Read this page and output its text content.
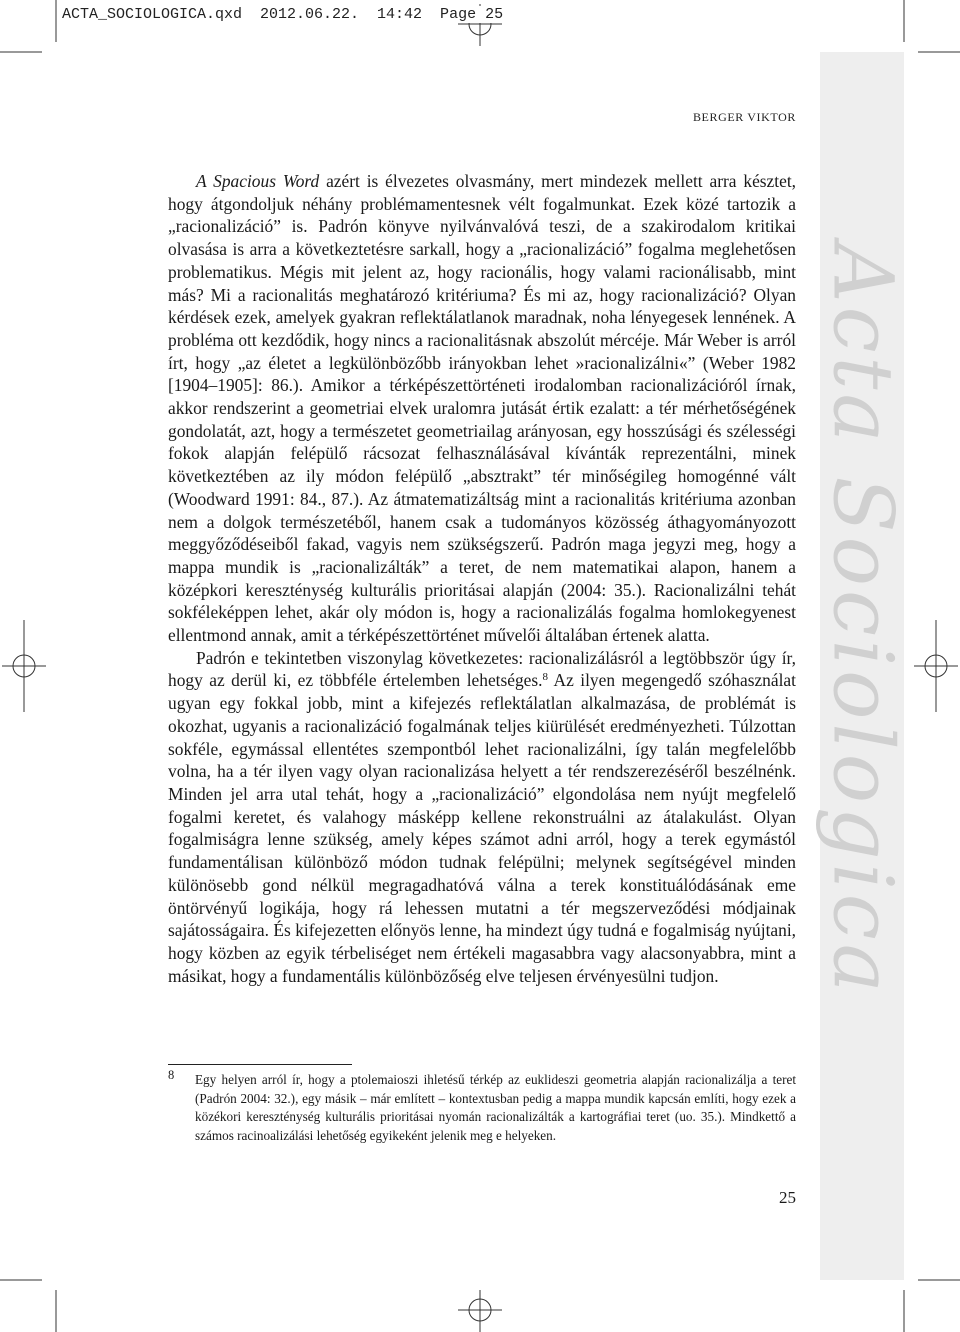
ACTA_SOCIOLOGICA.qxd  2012.06.22.  14:42  Page 25
Acta Sociologica
BERGER VIKTOR

A Spacious Word azért is élvezetes olvasmány, mert mindezek mellett arra késztet, hogy átgondoljuk néhány problémamentesnek vélt fogalmunkat. Ezek közé tartozik a „racionalizáció” is. Padrón könyve nyilvánvalóvá teszi, de a szakirodalom kritikai olvasása is arra a következtetésre sarkall, hogy a „racionalizáció” fogalma meglehetősen problematikus. Mégis mit jelent az, hogy racionális, hogy valami racionálisabb, mint más? Mi a racionalitás meghatározó kritériuma? És mi az, hogy racionalizáció? Olyan kérdések ezek, amelyek gyakran reflektálatlanok maradnak, noha lényegesek lennének. A probléma ott kezdődik, hogy nincs a racionalitásnak abszolút mércéje. Már Weber is arról írt, hogy „az életet a legkülönbözőbb irányokban lehet »racionalizálni«” (Weber 1982 [1904–1905]: 86.). Amikor a térképészettörténeti irodalomban racionalizációról írnak, akkor rendszerint a geometriai elvek uralomra jutását értik ezalatt: a tér mérhetőségének gondolatát, azt, hogy a természetet geometriailag arányosan, egy hosszúsági és szélességi fokok alapján felépülő rácsozat felhasználásával kívánták reprezentálni, minek következtében az ily módon felépülő „absztrakt” tér minőségileg homogénné vált (Woodward 1991: 84., 87.). Az átmatematizáltság mint a racionalitás kritériuma azonban nem a dolgok természetéből, hanem csak a tudományos közösség áthagyományozott meggyőződéseiből fakad, vagyis nem szükségszerű. Padrón maga jegyzi meg, hogy a mappa mundik is „racionalizálták” a teret, de nem matematikai alapon, hanem a középkori kereszténység kulturális prioritásai alapján (2004: 35.). Racionalizálni tehát sokféleképpen lehet, akár oly módon is, hogy a racionalizálás fogalma homlokegyenest ellentmond annak, amit a térképészettörténet művelői általában értenek alatta.

Padrón e tekintetben viszonylag következetes: racionalizálásról a legtöbbször úgy ír, hogy az derül ki, ez többféle értelemben lehetséges.$^8$ Az ilyen megengedő szóhasználat ugyan egy fokkal jobb, mint a kifejezés reflektálatlan alkalmazása, de problémát is okozhat, ugyanis a racionalizáció fogalmának teljes kiürülését eredményezheti. Túlzottan sokféle, egymással ellentétes szempontból lehet racionalizálni, így talán megfelelőbb volna, ha a tér ilyen vagy olyan racionalizása helyett a tér rendszerezéséről beszélnénk. Minden jel arra utal tehát, hogy a „racionalizáció” elgondolása nem nyújt megfelelő fogalmi keretet, és valahogy másképp kellene rekonstruálni az átalakulást. Olyan fogalmiságra lenne szükség, amely képes számot adni arról, hogy a terek egymástól fundamentálisan különböző módon tudnak felépülni; melynek segítségével minden különösebb gond nélkül megragadhatóvá válna a terek konstituálódásának eme öntörvényű logikája, hogy rá lehessen mutatni a tér megszerveződési módjainak sajátosságaira. És kifejezetten előnyös lenne, ha mindezt úgy tudná e fogalmiság nyújtani, hogy közben az egyik térbeliséget nem értékeli magasabbra vagy alacsonyabbra, mint a másikat, hogy a fundamentális különbözőség elve teljesen érvényesülni tudjon.

8 Egy helyen arról ír, hogy a ptolemaioszi ihletésű térkép az euklideszi geometria alapján racionalizálja a teret (Padrón 2004: 32.), egy másik – már említett – kontextusban pedig a mappa mundik kapcsán említi, hogy ezek a közékori kereszténység kulturális prioritásai nyomán racionalizálták a kartográfiai teret (uo. 35.). Mindkettő a számos racinoalizálási lehetőség egyikeként jelenik meg e helyeken.
25
